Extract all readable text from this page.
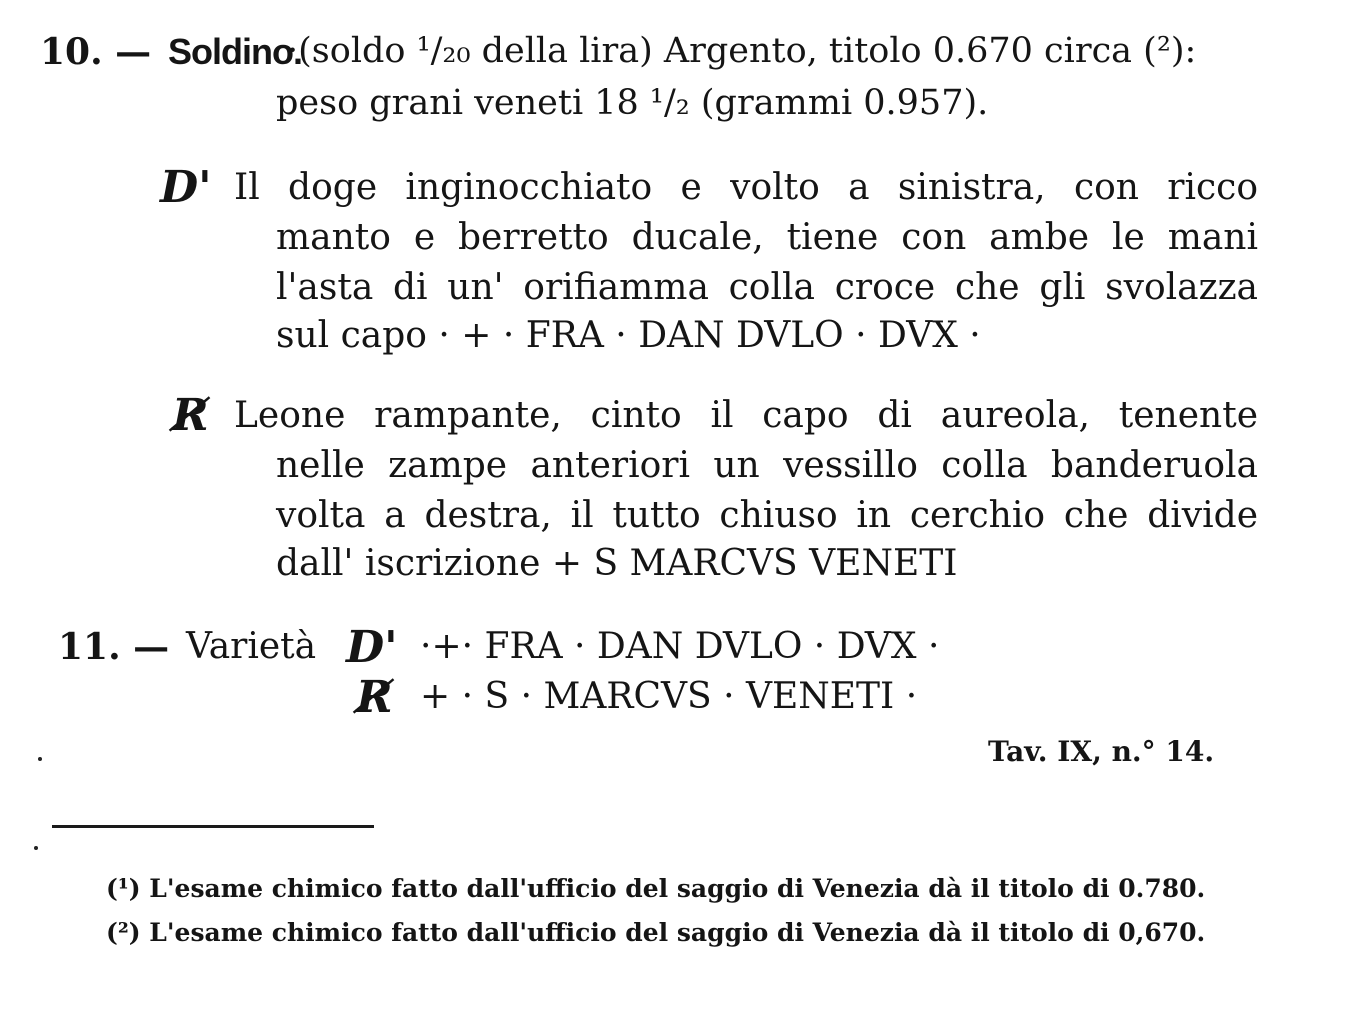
10. — Soldino.
·(soldo ¹/₂₀ della lira) Argento, titolo 0.670 circa (²):
peso grani veneti 18 ¹/₂ (grammi 0.957).
D' Il doge inginocchiato e volto a sinistra, con ricco
manto e berretto ducale, tiene con ambe le mani
l'asta di un' orifiamma colla croce che gli svolazza
sul capo · + · FRA · DAN DVLO · DVX ·
R̸ Leone rampante, cinto il capo di aureola, tenente
nelle zampe anteriori un vessillo colla banderuola
volta a destra, il tutto chiuso in cerchio che divide
dall' iscrizione + S MARCVS VENETI
11. — Varietà D' ·+· FRA · DAN DVLO · DVX ·
R̸ + · S · MARCVS · VENETI ·
Tav. IX, n.° 14.
(¹) L'esame chimico fatto dall'ufficio del saggio di Venezia dà il titolo di 0.780.
(²) L'esame chimico fatto dall'ufficio del saggio di Venezia dà il titolo di 0,670.
